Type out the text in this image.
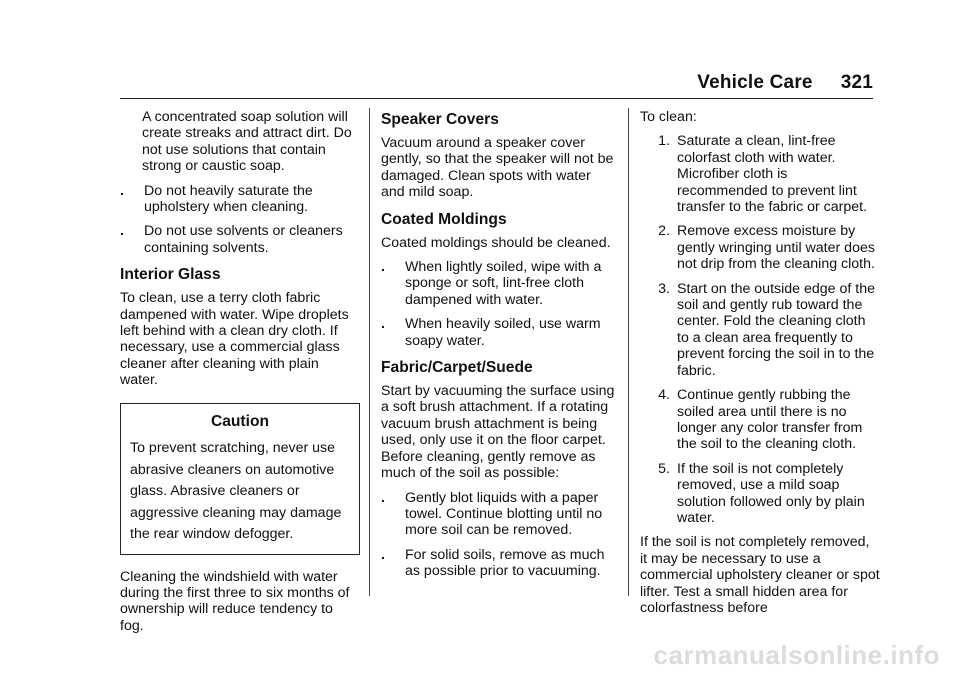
Vehicle Care 321

A concentrated soap solution will create streaks and attract dirt. Do not use solutions that contain strong or caustic soap.

. Do not heavily saturate the upholstery when cleaning.
. Do not use solvents or cleaners containing solvents.
Interior Glass

To clean, use a terry cloth fabric dampened with water. Wipe droplets left behind with a clean dry cloth. If necessary, use a commercial glass cleaner after cleaning with plain water.

Caution
To prevent scratching, never use abrasive cleaners on automotive glass. Abrasive cleaners or aggressive cleaning may damage the rear window defogger.

Cleaning the windshield with water during the first three to six months of ownership will reduce tendency to fog.

Speaker Covers

Vacuum around a speaker cover gently, so that the speaker will not be damaged. Clean spots with water and mild soap.

Coated Moldings

Coated moldings should be cleaned.

. When lightly soiled, wipe with a sponge or soft, lint-free cloth dampened with water.
. When heavily soiled, use warm soapy water.
Fabric/Carpet/Suede

Start by vacuuming the surface using a soft brush attachment. If a rotating vacuum brush attachment is being used, only use it on the floor carpet. Before cleaning, gently remove as much of the soil as possible:

. Gently blot liquids with a paper towel. Continue blotting until no more soil can be removed.
. For solid soils, remove as much as possible prior to vacuuming.

To clean:

1. Saturate a clean, lint-free colorfast cloth with water. Microfiber cloth is recommended to prevent lint transfer to the fabric or carpet.
2. Remove excess moisture by gently wringing until water does not drip from the cleaning cloth.
3. Start on the outside edge of the soil and gently rub toward the center. Fold the cleaning cloth to a clean area frequently to prevent forcing the soil in to the fabric.
4. Continue gently rubbing the soiled area until there is no longer any color transfer from the soil to the cleaning cloth.
5. If the soil is not completely removed, use a mild soap solution followed only by plain water.

If the soil is not completely removed, it may be necessary to use a commercial upholstery cleaner or spot lifter. Test a small hidden area for colorfastness before

carmanualsonline.info
